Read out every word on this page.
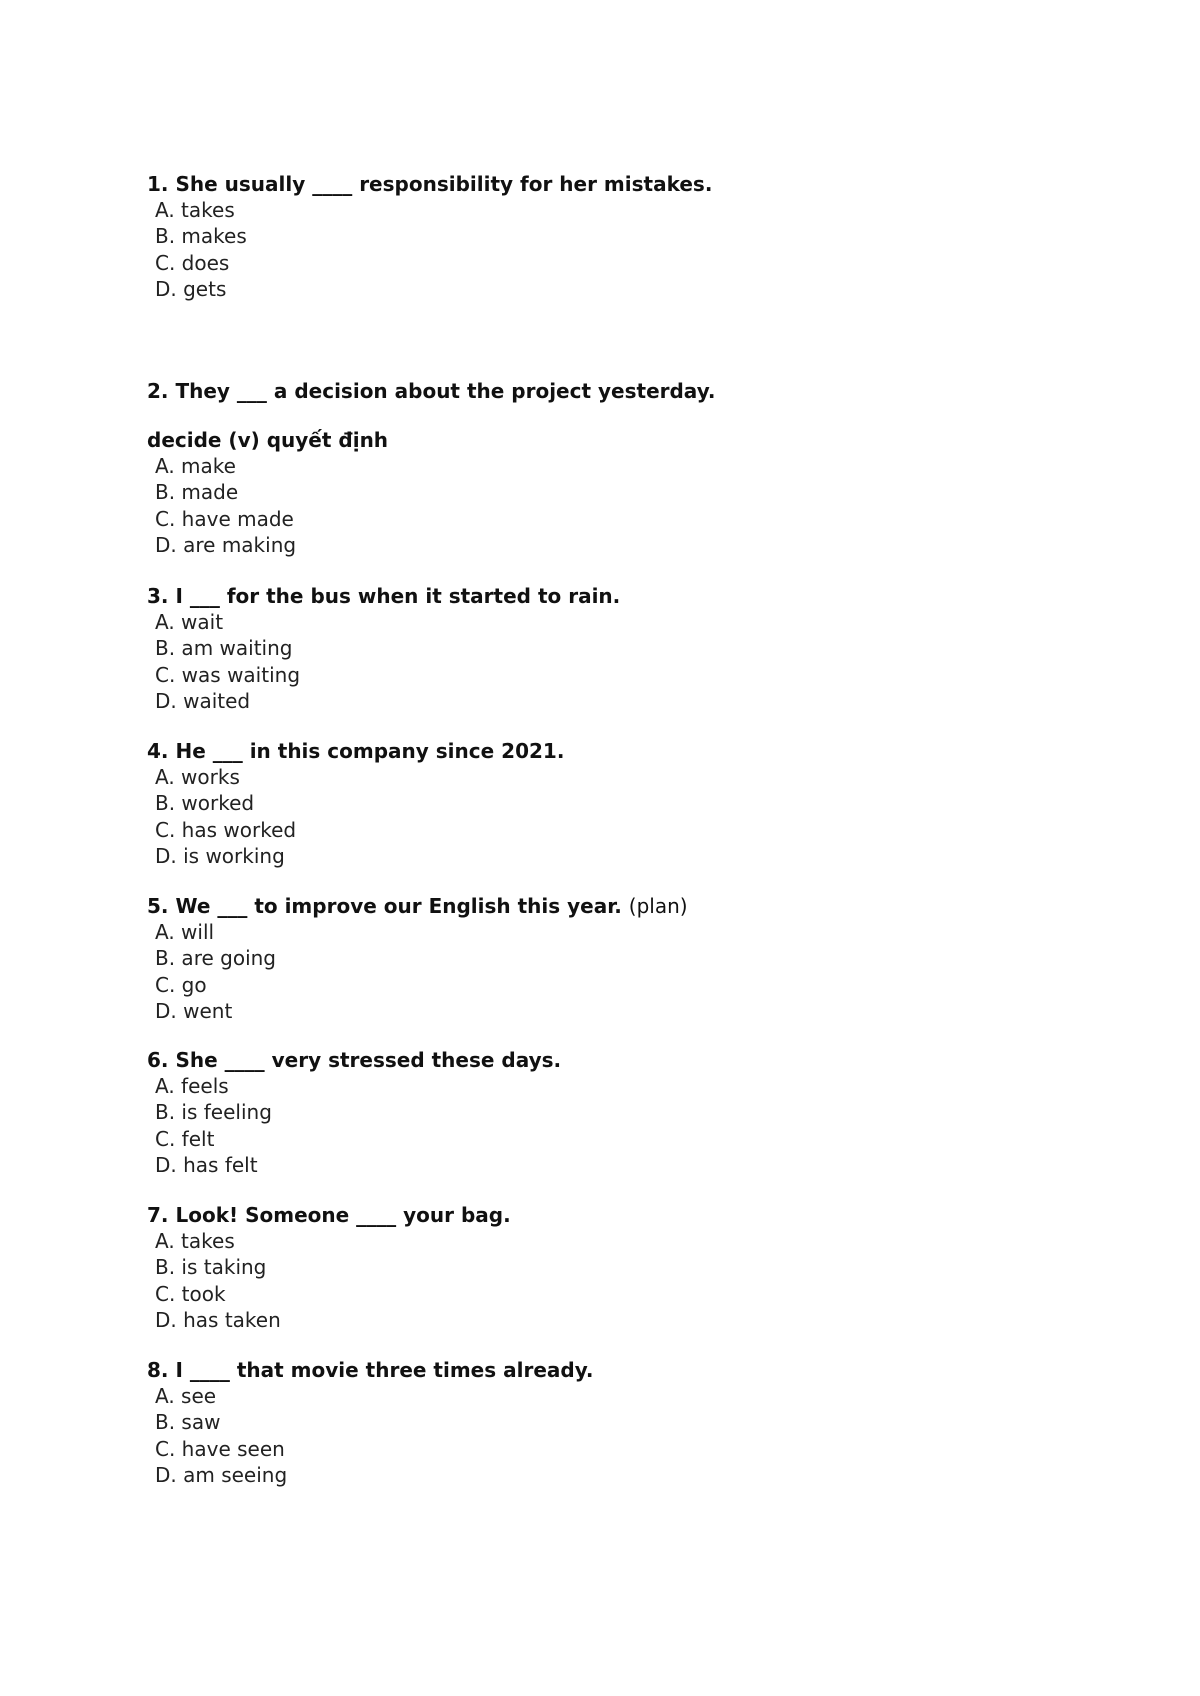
1. She usually ____ responsibility for her mistakes.
A. takes
B. makes
C. does
D. gets
2. They ___ a decision about the project yesterday.
decide (v) quyết định
A. make
B. made
C. have made
D. are making
3. I ___ for the bus when it started to rain.
A. wait
B. am waiting
C. was waiting
D. waited
4. He ___ in this company since 2021.
A. works
B. worked
C. has worked
D. is working
5. We ___ to improve our English this year. (plan)
A. will
B. are going
C. go
D. went
6. She ____ very stressed these days.
A. feels
B. is feeling
C. felt
D. has felt
7. Look! Someone ____ your bag.
A. takes
B. is taking
C. took
D. has taken
8. I ____ that movie three times already.
A. see
B. saw
C. have seen
D. am seeing
